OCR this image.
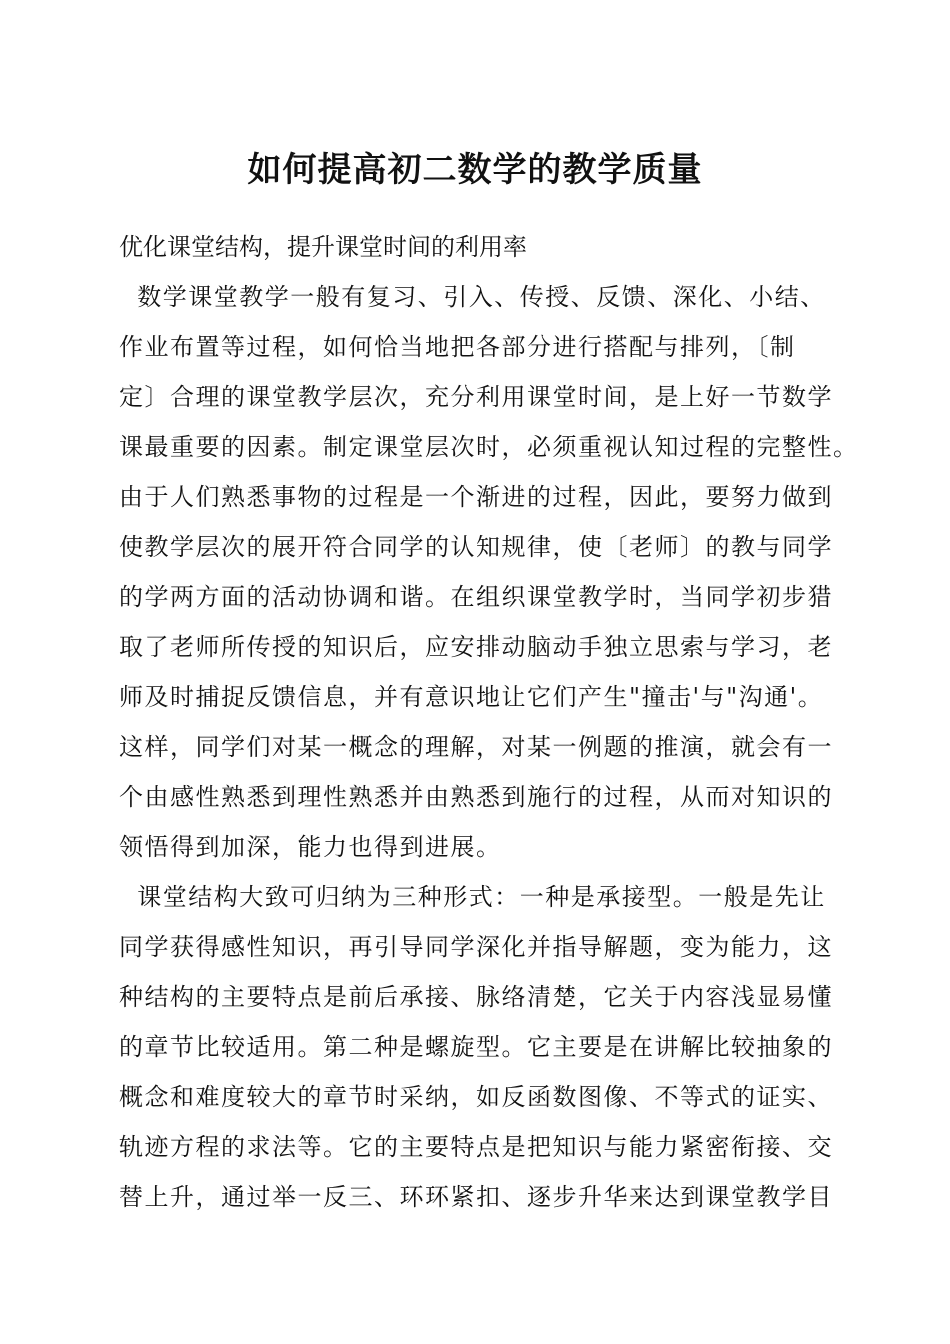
如何提高初二数学的教学质量

优化课堂结构，提升课堂时间的利用率

数学课堂教学一般有复习、引入、传授、反馈、深化、小结、

作业布置等过程，如何恰当地把各部分进行搭配与排列，〔制

定〕合理的课堂教学层次，充分利用课堂时间，是上好一节数学

课最重要的因素。制定课堂层次时，必须重视认知过程的完整性。

由于人们熟悉事物的过程是一个渐进的过程，因此，要努力做到

使教学层次的展开符合同学的认知规律，使〔老师〕的教与同学

的学两方面的活动协调和谐。在组织课堂教学时，当同学初步猎

取了老师所传授的知识后，应安排动脑动手独立思索与学习，老

师及时捕捉反馈信息，并有意识地让它们产生"撞击'与"沟通'。

这样，同学们对某一概念的理解，对某一例题的推演，就会有一

个由感性熟悉到理性熟悉并由熟悉到施行的过程，从而对知识的

领悟得到加深，能力也得到进展。

课堂结构大致可归纳为三种形式：一种是承接型。一般是先让

同学获得感性知识，再引导同学深化并指导解题，变为能力，这

种结构的主要特点是前后承接、脉络清楚，它关于内容浅显易懂

的章节比较适用。第二种是螺旋型。它主要是在讲解比较抽象的

概念和难度较大的章节时采纳，如反函数图像、不等式的证实、

轨迹方程的求法等。它的主要特点是把知识与能力紧密衔接、交

替上升，通过举一反三、环环紧扣、逐步升华来达到课堂教学目
